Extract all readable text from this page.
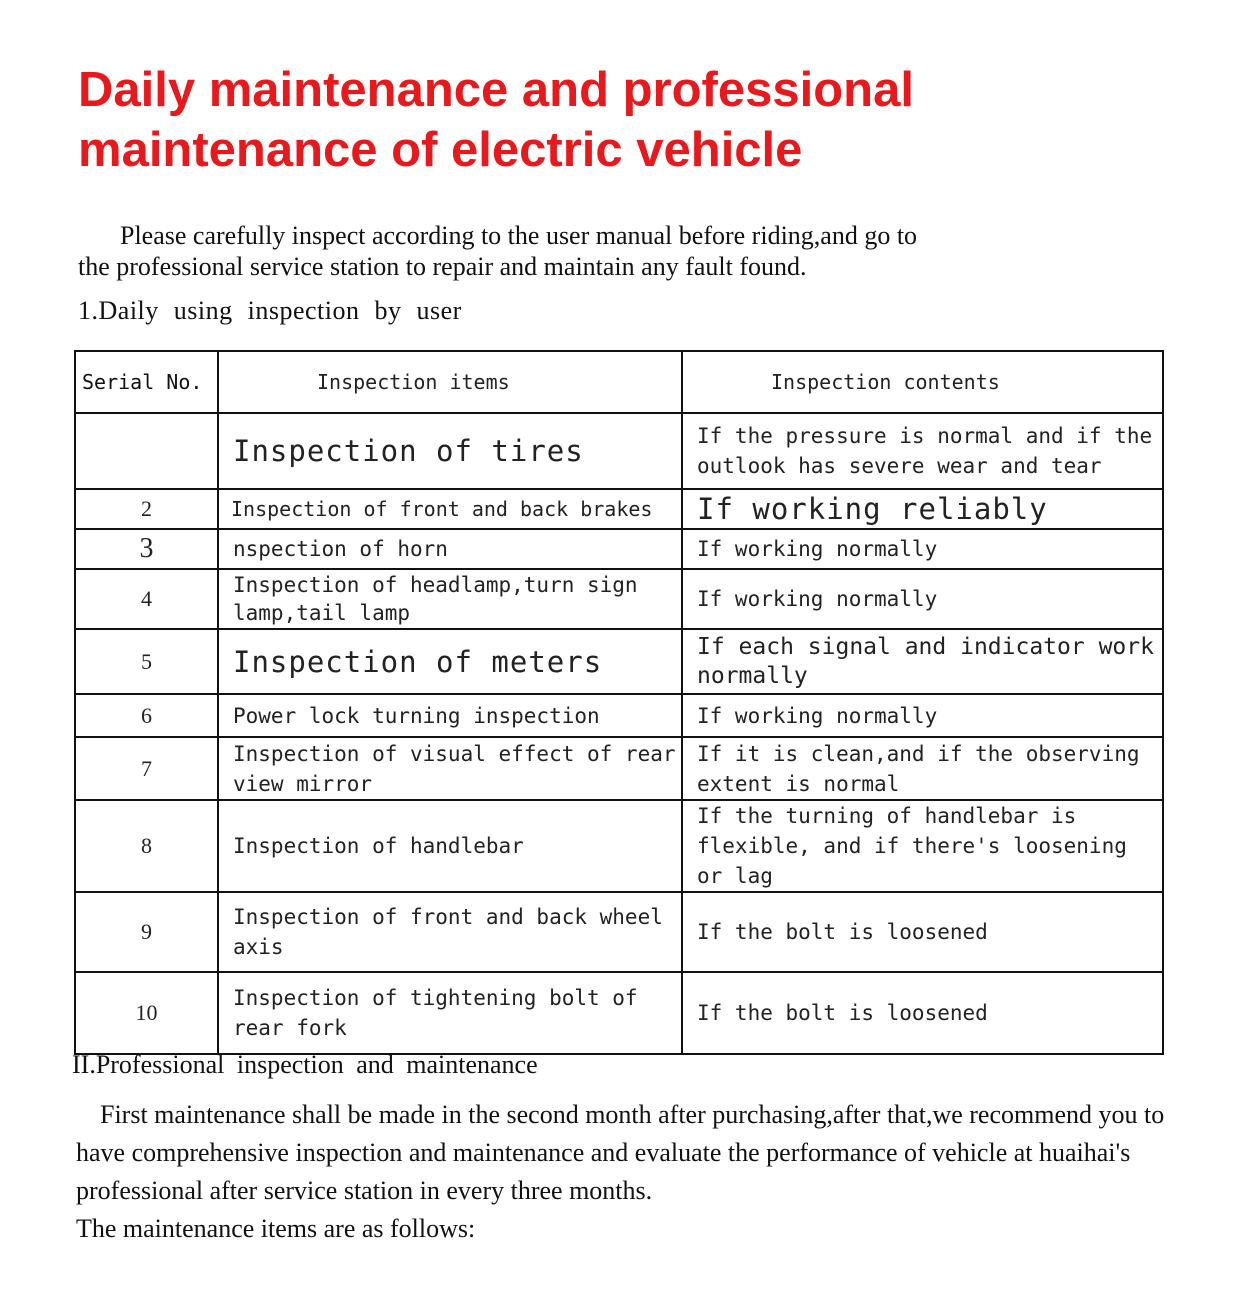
Daily maintenance and professional
maintenance of electric vehicle
Please carefully inspect according to the user manual before riding,and go to
the professional service station to repair and maintain any fault found.
1.Daily using inspection by user
Serial No.	Inspection items	Inspection contents
	Inspection of tires	If the pressure is normal and if the outlook has severe wear and tear
2	Inspection of front and back brakes	If working reliably
3	nspection of horn	If working normally
4	Inspection of headlamp,turn sign lamp,tail lamp	If working normally
5	Inspection of meters	If each signal and indicator work normally
6	Power lock turning inspection	If working normally
7	Inspection of visual effect of rear view mirror	If it is clean,and if the observing extent is normal
8	Inspection of handlebar	If the turning of handlebar is flexible, and if there's loosening or lag
9	Inspection of front and back wheel axis	If the bolt is loosened
10	Inspection of tightening bolt of rear fork	If the bolt is loosened
II.Professional inspection and maintenance
First maintenance shall be made in the second month after purchasing,after that,we recommend you to have comprehensive inspection and maintenance and evaluate the performance of vehicle at huaihai's professional after service station in every three months.
The maintenance items are as follows:
